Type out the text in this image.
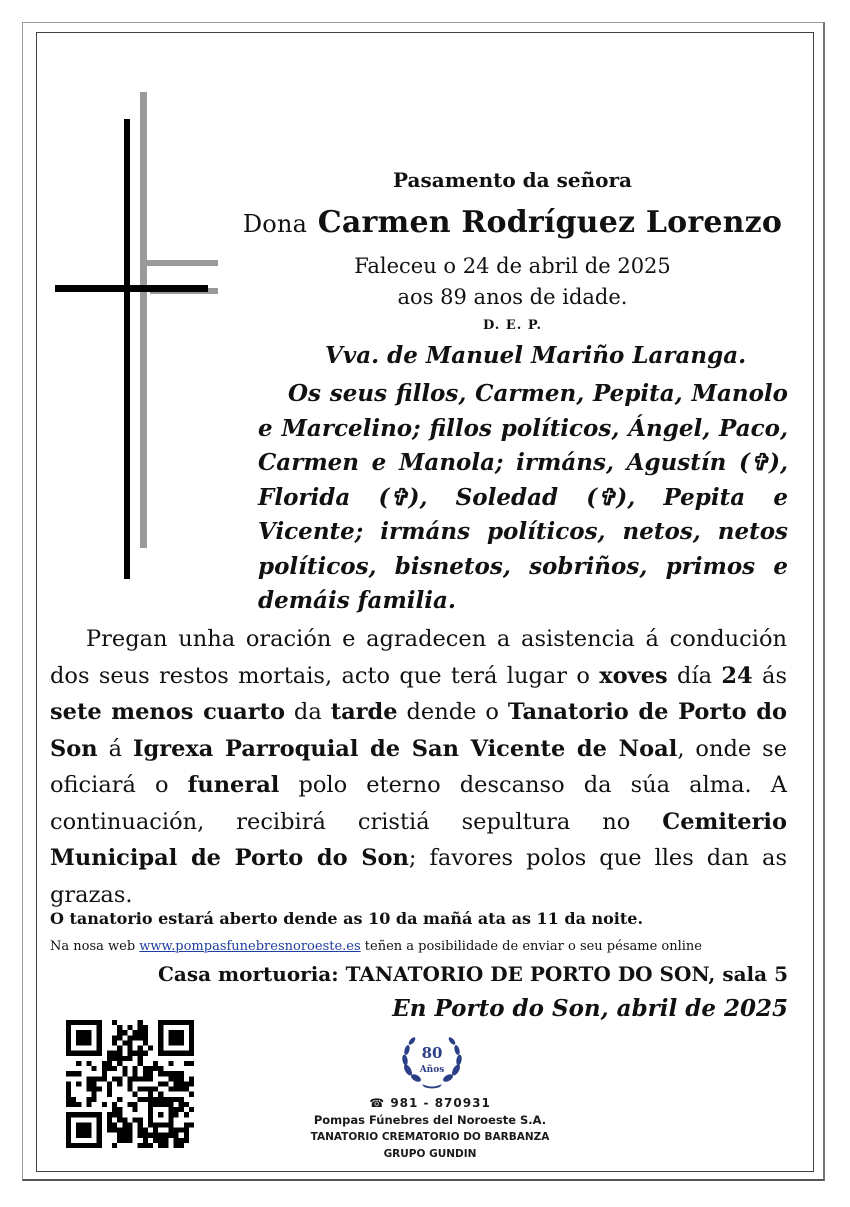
Pasamento da señora
Dona Carmen Rodríguez Lorenzo
Faleceu o 24 de abril de 2025
aos 89 anos de idade.
D. E. P.
Vva. de Manuel Mariño Laranga.
Os seus fillos, Carmen, Pepita, Manolo e Marcelino; fillos políticos, Ángel, Paco, Carmen e Manola; irmáns, Agustín (✞), Florida (✞), Soledad (✞), Pepita e Vicente; irmáns políticos, netos, netos políticos, bisnetos, sobriños, primos e demáis familia.
Pregan unha oración e agradecen a asistencia á condución dos seus restos mortais, acto que terá lugar o xoves día 24 ás sete menos cuarto da tarde dende o Tanatorio de Porto do Son á Igrexa Parroquial de San Vicente de Noal, onde se oficiará o funeral polo eterno descanso da súa alma. A continuación, recibirá cristiá sepultura no Cemiterio Municipal de Porto do Son; favores polos que lles dan as grazas.
O tanatorio estará aberto dende as 10 da mañá ata as 11 da noite.
Na nosa web www.pompasfunebresnoroeste.es teñen a posibilidade de enviar o seu pésame online
Casa mortuoria: TANATORIO DE PORTO DO SON, sala 5
En Porto do Son, abril de 2025
80
Años
☎ 981 - 870931
Pompas Fúnebres del Noroeste S.A.
TANATORIO CREMATORIO DO BARBANZA
GRUPO GUNDIN
